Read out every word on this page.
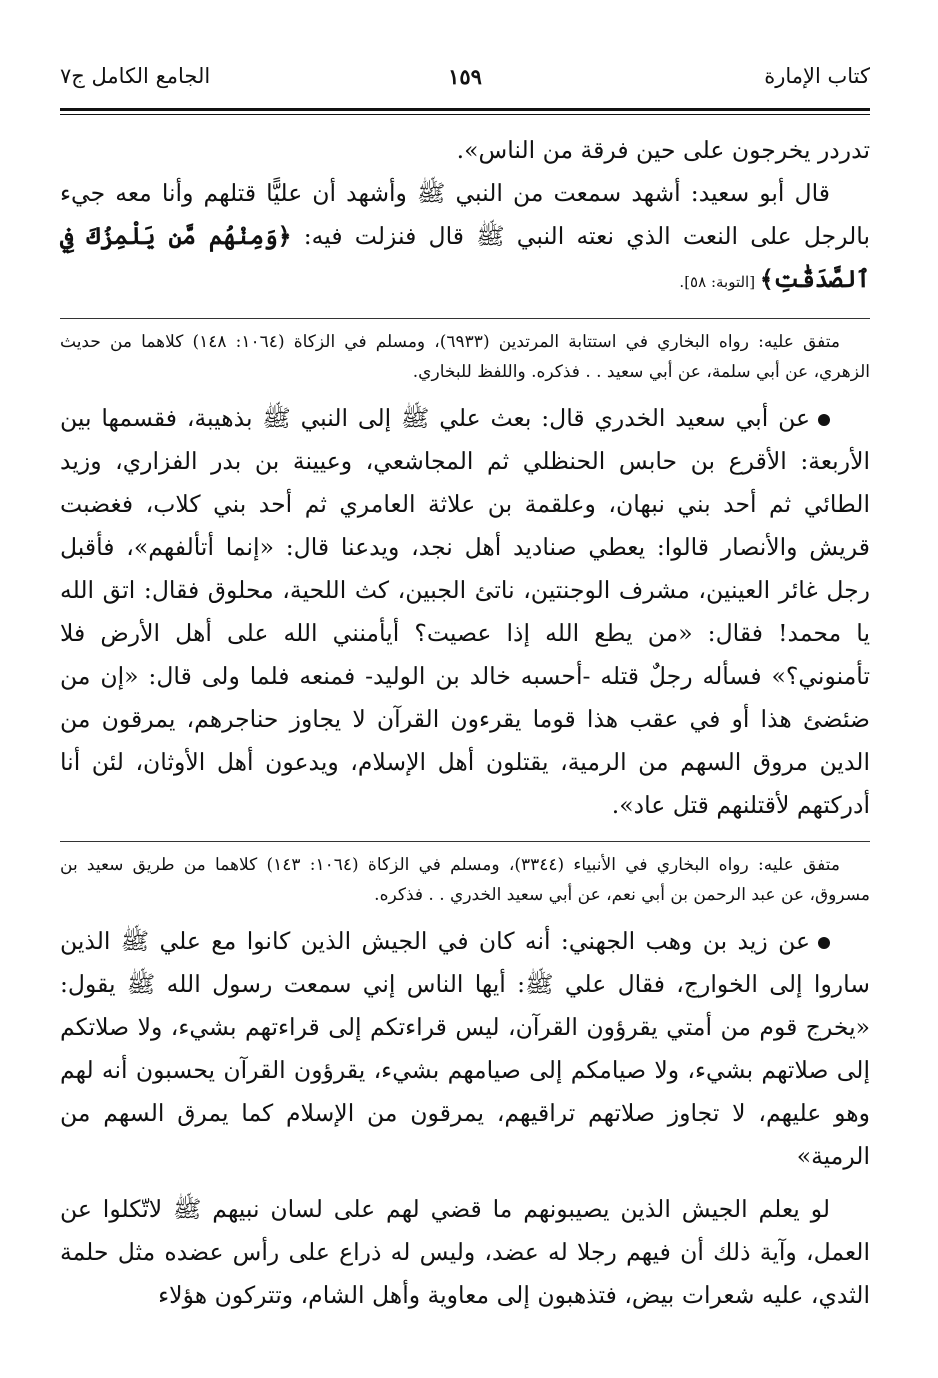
كتاب الإمارة
١٥٩
الجامع الكامل ج٧

تدردر يخرجون على حين فرقة من الناس».

قال أبو سعيد: أشهد سمعت من النبي ﷺ وأشهد أن عليًّا قتلهم وأنا معه جيء بالرجل على النعت الذي نعته النبي ﷺ قال فنزلت فيه: ﴿وَمِنْهُم مَّن يَلْمِزُكَ فِي ٱلصَّدَقَٰتِ﴾ [التوبة: ٥٨].

متفق عليه: رواه البخاري في استتابة المرتدين (٦٩٣٣)، ومسلم في الزكاة (١٠٦٤: ١٤٨) كلاهما من حديث الزهري، عن أبي سلمة، عن أبي سعيد . . فذكره. واللفظ للبخاري.

عن أبي سعيد الخدري قال: بعث علي ﷺ إلى النبي ﷺ بذهيبة، فقسمها بين الأربعة: الأقرع بن حابس الحنظلي ثم المجاشعي، وعيينة بن بدر الفزاري، وزيد الطائي ثم أحد بني نبهان، وعلقمة بن علاثة العامري ثم أحد بني كلاب، فغضبت قريش والأنصار قالوا: يعطي صناديد أهل نجد، ويدعنا قال: «إنما أتألفهم»، فأقبل رجل غائر العينين، مشرف الوجنتين، ناتئ الجبين، كث اللحية، محلوق فقال: اتق الله يا محمد! فقال: «من يطع الله إذا عصيت؟ أيأمنني الله على أهل الأرض فلا تأمنوني؟» فسأله رجلٌ قتله -أحسبه خالد بن الوليد- فمنعه فلما ولى قال: «إن من ضئضئ هذا أو في عقب هذا قوما يقرءون القرآن لا يجاوز حناجرهم، يمرقون من الدين مروق السهم من الرمية، يقتلون أهل الإسلام، ويدعون أهل الأوثان، لئن أنا أدركتهم لأقتلنهم قتل عاد».

متفق عليه: رواه البخاري في الأنبياء (٣٣٤٤)، ومسلم في الزكاة (١٠٦٤: ١٤٣) كلاهما من طريق سعيد بن مسروق، عن عبد الرحمن بن أبي نعم، عن أبي سعيد الخدري . . فذكره.

عن زيد بن وهب الجهني: أنه كان في الجيش الذين كانوا مع علي ﷺ الذين ساروا إلى الخوارج، فقال علي ﷺ: أيها الناس إني سمعت رسول الله ﷺ يقول: «يخرج قوم من أمتي يقرؤون القرآن، ليس قراءتكم إلى قراءتهم بشيء، ولا صلاتكم إلى صلاتهم بشيء، ولا صيامكم إلى صيامهم بشيء، يقرؤون القرآن يحسبون أنه لهم وهو عليهم، لا تجاوز صلاتهم تراقيهم، يمرقون من الإسلام كما يمرق السهم من الرمية»

لو يعلم الجيش الذين يصيبونهم ما قضي لهم على لسان نبيهم ﷺ لاتّكلوا عن العمل، وآية ذلك أن فيهم رجلا له عضد، وليس له ذراع على رأس عضده مثل حلمة الثدي، عليه شعرات بيض، فتذهبون إلى معاوية وأهل الشام، وتتركون هؤلاء
